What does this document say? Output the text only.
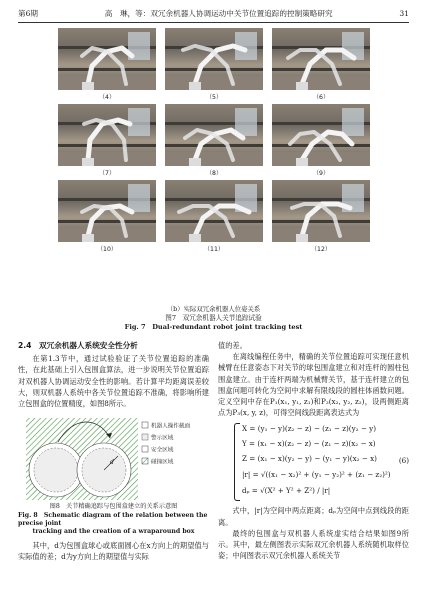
第6期	高　琳，等：双冗余机器人协调运动中关节位置追踪的控制策略研究	31
（4）	（5）	（6）
（7）	（8）	（9）
（10）	（11）	（12）
（b）实际双冗余机器人位姿关系
图7　双冗余机器人关节追踪试验
Fig. 7　Dual-redundant robot joint tracking test
2.4　双冗余机器人系统安全性分析

在第1.3节中，通过试验验证了关节位置追踪的准确性，在此基础上引入包围盒算法，进一步说明关节位置追踪对双机器人协调运动安全性的影响。若计算平均距离误差较大，则双机器人系统中各关节位置追踪不准确，将影响所建立包围盒的位置精度，如图8所示。

d
机器人操作截面
警示区域
安全区域
碰撞区域
图8　关节精确追踪与包围盒建立的关系示意图
Fig. 8　Schematic diagram of the relation between the precise joint
tracking and the creation of a wraparound box

其中，d为包围盒球心或底面圆心在x方向上的期望值与实际值的差；d为y方向上的期望值与实际

值的差。

在离线编程任务中，精确的关节位置追踪可实现任意机械臂在任意姿态下对关节的球包围盒建立和对连杆的圆柱包围盒建立。由于连杆两端为机械臂关节，基于连杆建立的包围盒问题可转化为空间中求解有限线段的圆柱体函数问题。定义空间中存在P₁(x₁, y₁, z₁)和P₂(x₂, y₂, z₂)，设两侧距离点为P₃(x, y, z)，可得空间线段距离表达式为

X = (y₁ − y)(z₂ − z) − (z₁ − z)(y₂ − y)
Y = (x₁ − x)(z₂ − z) − (z₁ − z)(x₂ − x)
Z = (x₁ − x)(y₂ − y) − (y₁ − y)(x₂ − x)
|r| = √((x₁ − x₂)² + (y₁ − y₂)² + (z₁ − z₂)²)
dₚ = √(X² + Y² + Z²) / |r|
(6)

式中，|r|为空间中两点距离；dₚ为空间中点到线段的距离。

最终的包围盒与双机器人系统虚实结合结果如图9所示。其中，最左侧图表示实际双冗余机器人系统随机取样位姿；中间图表示双冗余机器人系统关节
